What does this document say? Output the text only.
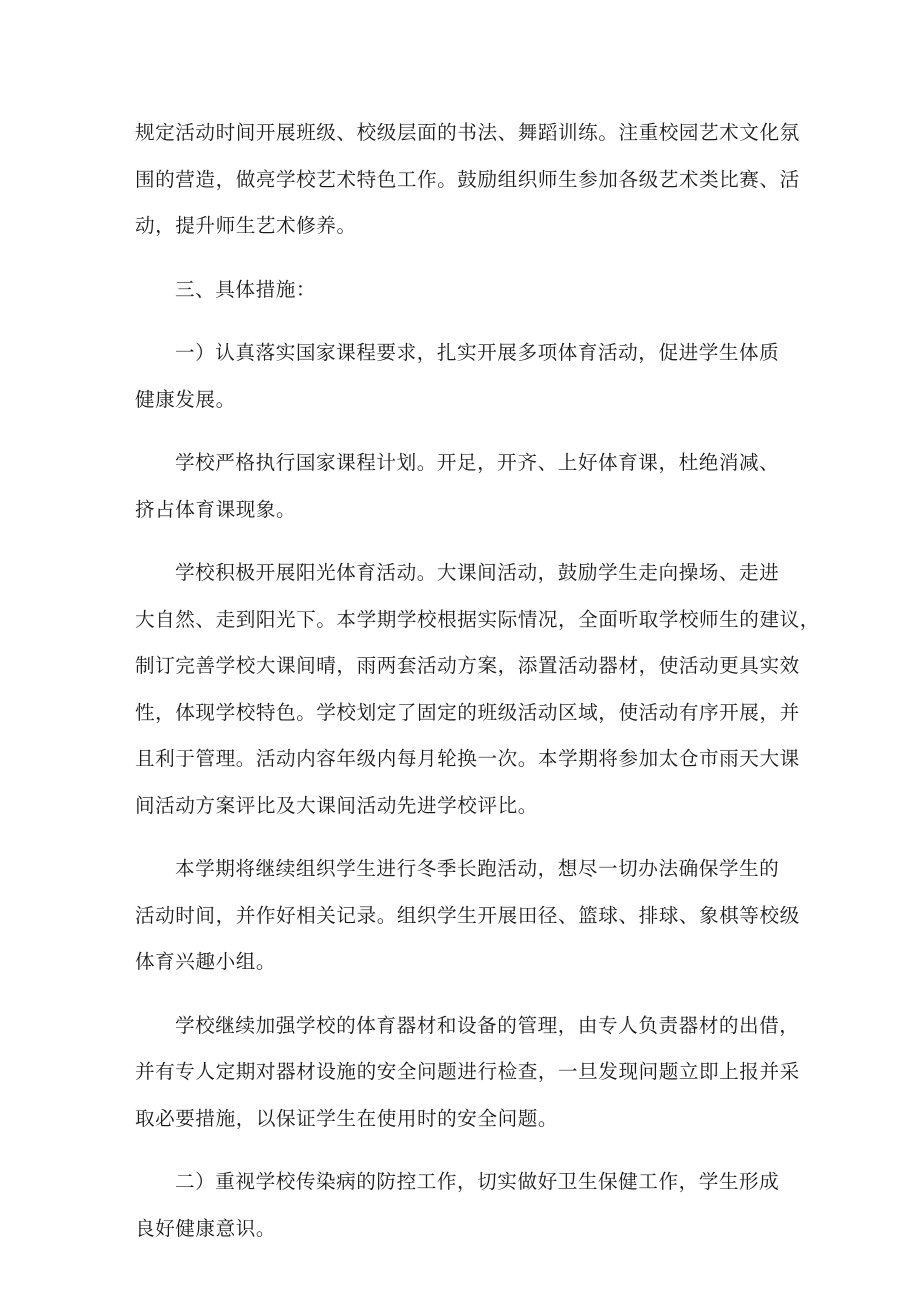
规定活动时间开展班级、校级层面的书法、舞蹈训练。注重校园艺术文化氛
围的营造，做亮学校艺术特色工作。鼓励组织师生参加各级艺术类比赛、活
动，提升师生艺术修养。

三、具体措施：

一）认真落实国家课程要求，扎实开展多项体育活动，促进学生体质
健康发展。

学校严格执行国家课程计划。开足，开齐、上好体育课，杜绝消减、
挤占体育课现象。

学校积极开展阳光体育活动。大课间活动，鼓励学生走向操场、走进
大自然、走到阳光下。本学期学校根据实际情况，全面听取学校师生的建议，
制订完善学校大课间晴，雨两套活动方案，添置活动器材，使活动更具实效
性，体现学校特色。学校划定了固定的班级活动区域，使活动有序开展，并
且利于管理。活动内容年级内每月轮换一次。本学期将参加太仓市雨天大课
间活动方案评比及大课间活动先进学校评比。

本学期将继续组织学生进行冬季长跑活动，想尽一切办法确保学生的
活动时间，并作好相关记录。组织学生开展田径、篮球、排球、象棋等校级
体育兴趣小组。

学校继续加强学校的体育器材和设备的管理，由专人负责器材的出借，
并有专人定期对器材设施的安全问题进行检查，一旦发现问题立即上报并采
取必要措施，以保证学生在使用时的安全问题。

二）重视学校传染病的防控工作，切实做好卫生保健工作，学生形成
良好健康意识。
